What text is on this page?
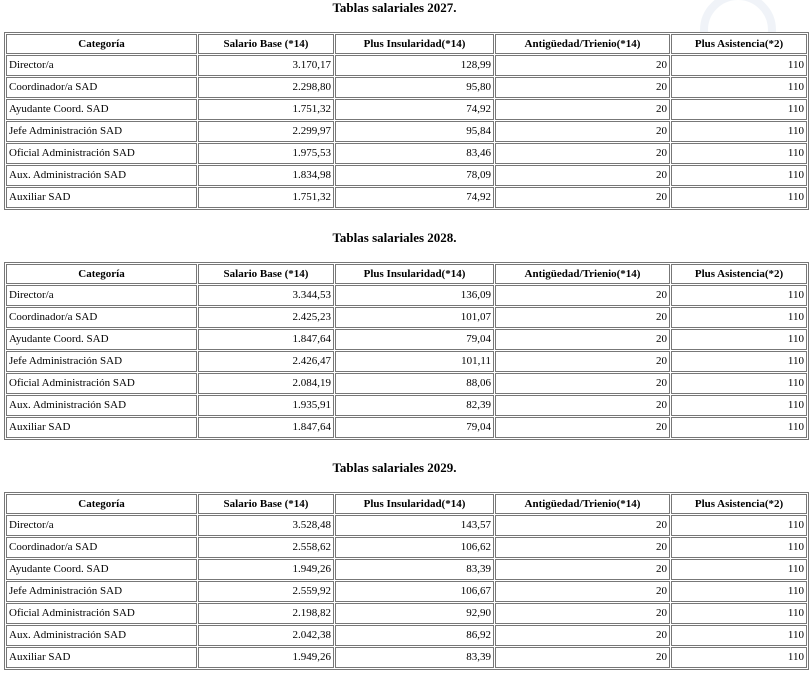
Tablas salariales 2027.
Categoría	Salario Base (*14)	Plus Insularidad(*14)	Antigüedad/Trienio(*14)	Plus Asistencia(*2)
Director/a	3.170,17	128,99	20	110
Coordinador/a SAD	2.298,80	95,80	20	110
Ayudante Coord. SAD	1.751,32	74,92	20	110
Jefe Administración SAD	2.299,97	95,84	20	110
Oficial Administración SAD	1.975,53	83,46	20	110
Aux. Administración SAD	1.834,98	78,09	20	110
Auxiliar SAD	1.751,32	74,92	20	110
Tablas salariales 2028.
Categoría	Salario Base (*14)	Plus Insularidad(*14)	Antigüedad/Trienio(*14)	Plus Asistencia(*2)
Director/a	3.344,53	136,09	20	110
Coordinador/a SAD	2.425,23	101,07	20	110
Ayudante Coord. SAD	1.847,64	79,04	20	110
Jefe Administración SAD	2.426,47	101,11	20	110
Oficial Administración SAD	2.084,19	88,06	20	110
Aux. Administración SAD	1.935,91	82,39	20	110
Auxiliar SAD	1.847,64	79,04	20	110
Tablas salariales 2029.
Categoría	Salario Base (*14)	Plus Insularidad(*14)	Antigüedad/Trienio(*14)	Plus Asistencia(*2)
Director/a	3.528,48	143,57	20	110
Coordinador/a SAD	2.558,62	106,62	20	110
Ayudante Coord. SAD	1.949,26	83,39	20	110
Jefe Administración SAD	2.559,92	106,67	20	110
Oficial Administración SAD	2.198,82	92,90	20	110
Aux. Administración SAD	2.042,38	86,92	20	110
Auxiliar SAD	1.949,26	83,39	20	110
